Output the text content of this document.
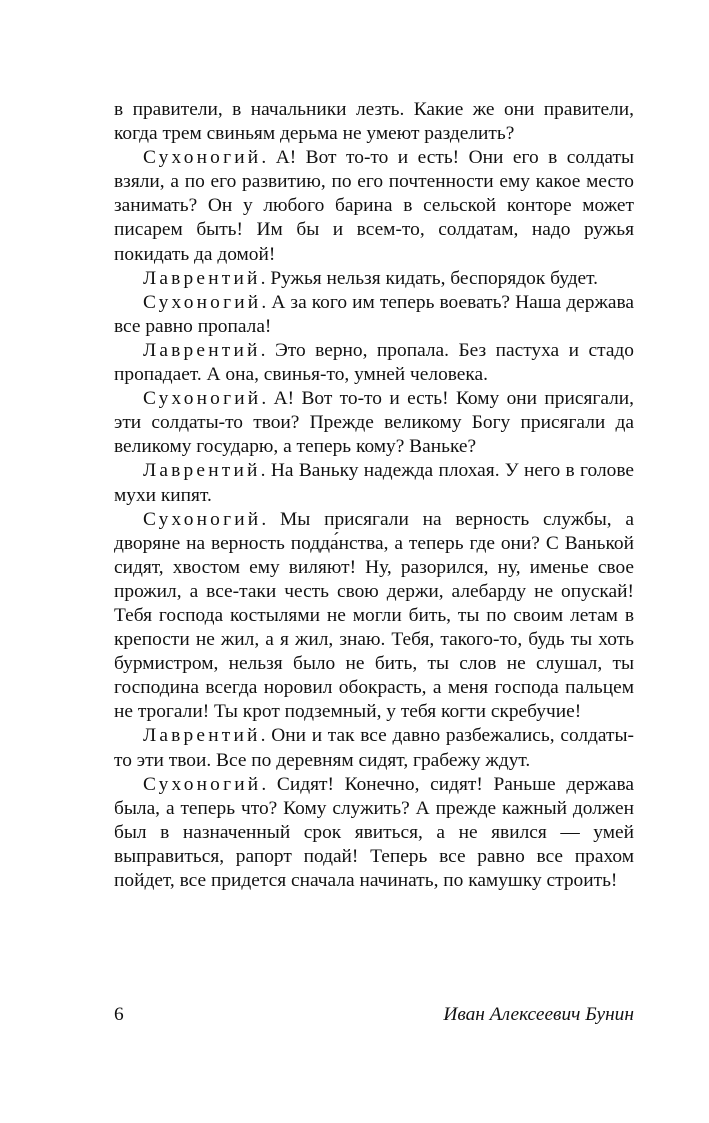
в правители, в начальники лезть. Какие же они правители, когда трем свиньям дерьма не умеют разделить?

Сухоногий. А! Вот то-то и есть! Они его в солдаты взяли, а по его развитию, по его почтенности ему какое место занимать? Он у любого барина в сельской конторе может писарем быть! Им бы и всем-то, солдатам, надо ружья покидать да домой!

Лаврентий. Ружья нельзя кидать, беспорядок будет.

Сухоногий. А за кого им теперь воевать? Наша держава все равно пропала!

Лаврентий. Это верно, пропала. Без пастуха и стадо пропадает. А она, свинья-то, умней человека.

Сухоногий. А! Вот то-то и есть! Кому они присягали, эти солдаты-то твои? Прежде великому Богу присягали да великому государю, а теперь кому? Ваньке?

Лаврентий. На Ваньку надежда плохая. У него в голове мухи кипят.

Сухоногий. Мы присягали на верность службы, а дворяне на верность подда́нства, а теперь где они? С Ванькой сидят, хвостом ему виляют! Ну, разорился, ну, именье свое прожил, а все-таки честь свою держи, алебарду не опускай! Тебя господа костылями не могли бить, ты по своим летам в крепости не жил, а я жил, знаю. Тебя, такого-то, будь ты хоть бурмистром, нельзя было не бить, ты слов не слушал, ты господина всегда норовил обокрасть, а меня господа пальцем не трогали! Ты крот подземный, у тебя когти скребучие!

Лаврентий. Они и так все давно разбежались, солдаты-то эти твои. Все по деревням сидят, грабежу ждут.

Сухоногий. Сидят! Конечно, сидят! Раньше держава была, а теперь что? Кому служить? А прежде кажный должен был в назначенный срок явиться, а не явился — умей выправиться, рапорт подай! Теперь все равно все прахом пойдет, все придется сначала начинать, по камушку строить!

6	Иван Алексеевич Бунин
